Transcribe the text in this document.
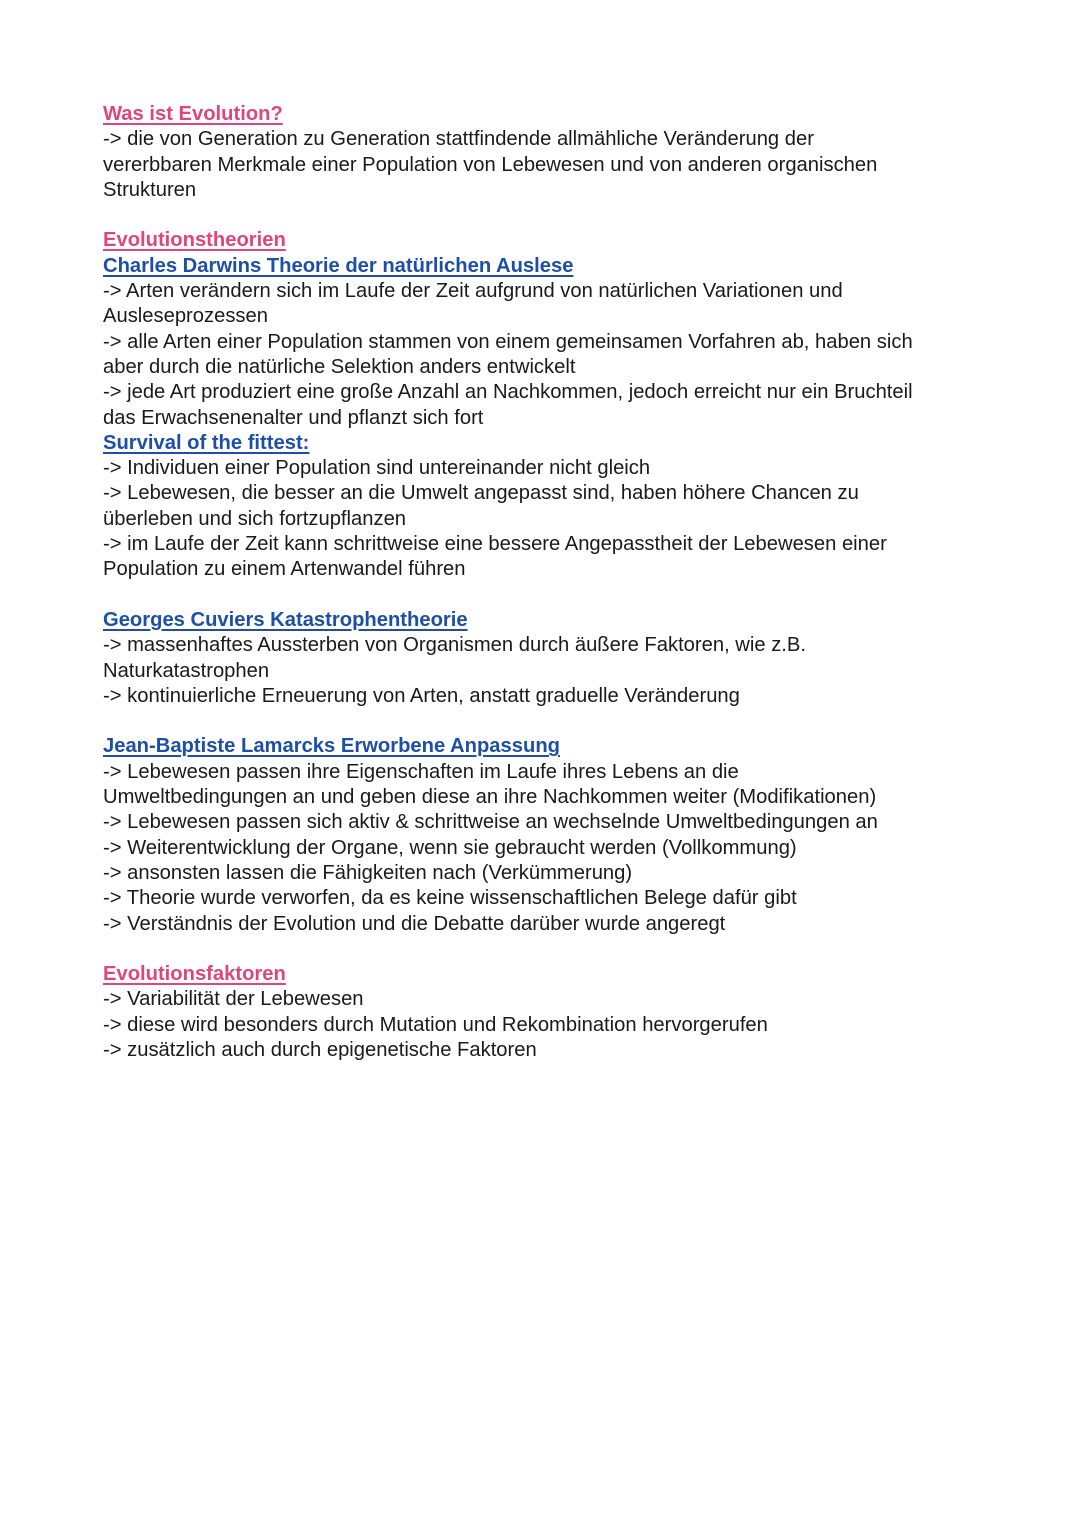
Was ist Evolution?
-> die von Generation zu Generation stattfindende allmähliche Veränderung der
vererbbaren Merkmale einer Population von Lebewesen und von anderen organischen
Strukturen
Evolutionstheorien
Charles Darwins Theorie der natürlichen Auslese
-> Arten verändern sich im Laufe der Zeit aufgrund von natürlichen Variationen und
Ausleseprozessen
-> alle Arten einer Population stammen von einem gemeinsamen Vorfahren ab, haben sich
aber durch die natürliche Selektion anders entwickelt
-> jede Art produziert eine große Anzahl an Nachkommen, jedoch erreicht nur ein Bruchteil
das Erwachsenenalter und pflanzt sich fort
Survival of the fittest:
-> Individuen einer Population sind untereinander nicht gleich
-> Lebewesen, die besser an die Umwelt angepasst sind, haben höhere Chancen zu
überleben und sich fortzupflanzen
-> im Laufe der Zeit kann schrittweise eine bessere Angepasstheit der Lebewesen einer
Population zu einem Artenwandel führen
Georges Cuviers Katastrophentheorie
-> massenhaftes Aussterben von Organismen durch äußere Faktoren, wie z.B.
Naturkatastrophen
-> kontinuierliche Erneuerung von Arten, anstatt graduelle Veränderung
Jean-Baptiste Lamarcks Erworbene Anpassung
-> Lebewesen passen ihre Eigenschaften im Laufe ihres Lebens an die
Umweltbedingungen an und geben diese an ihre Nachkommen weiter (Modifikationen)
-> Lebewesen passen sich aktiv & schrittweise an wechselnde Umweltbedingungen an
-> Weiterentwicklung der Organe, wenn sie gebraucht werden (Vollkommung)
-> ansonsten lassen die Fähigkeiten nach (Verkümmerung)
-> Theorie wurde verworfen, da es keine wissenschaftlichen Belege dafür gibt
-> Verständnis der Evolution und die Debatte darüber wurde angeregt
Evolutionsfaktoren
-> Variabilität der Lebewesen
-> diese wird besonders durch Mutation und Rekombination hervorgerufen
-> zusätzlich auch durch epigenetische Faktoren
